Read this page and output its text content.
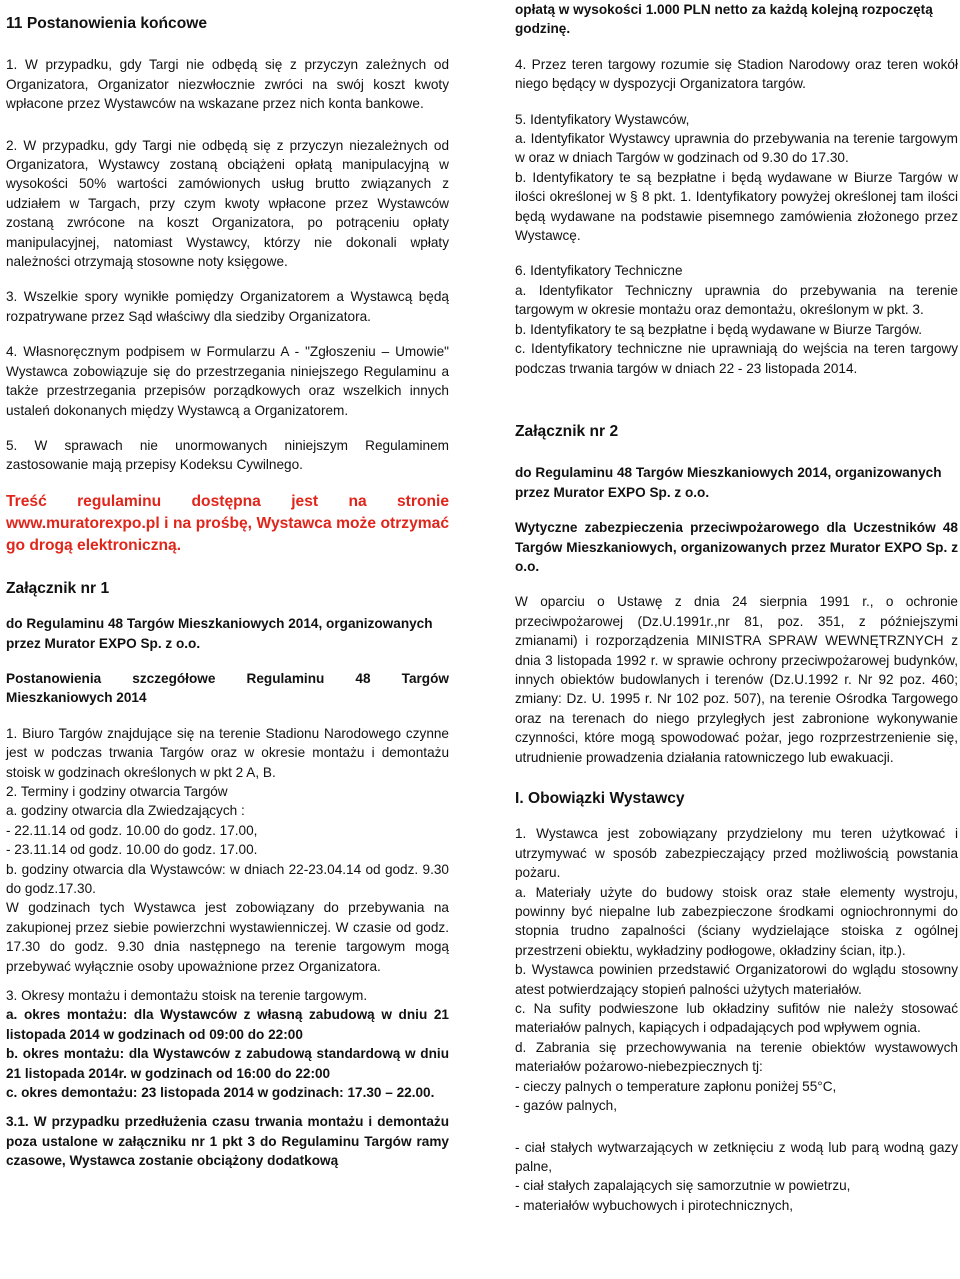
11 Postanowienia końcowe

1. W przypadku, gdy Targi nie odbędą się z przyczyn zależnych od Organizatora, Organizator niezwłocznie zwróci na swój koszt kwoty wpłacone przez Wystawców na wskazane przez nich konta bankowe.

2. W przypadku, gdy Targi nie odbędą się z przyczyn niezależnych od Organizatora, Wystawcy zostaną obciążeni opłatą manipulacyjną w wysokości 50% wartości zamówionych usług brutto związanych z udziałem w Targach, przy czym kwoty wpłacone przez Wystawców zostaną zwrócone na koszt Organizatora, po potrąceniu opłaty manipulacyjnej, natomiast Wystawcy, którzy nie dokonali wpłaty należności otrzymają stosowne noty księgowe.

3. Wszelkie spory wynikłe pomiędzy Organizatorem a Wystawcą będą rozpatrywane przez Sąd właściwy dla siedziby Organizatora.

4. Własnoręcznym podpisem w Formularzu A - "Zgłoszeniu – Umowie" Wystawca zobowiązuje się do przestrzegania niniejszego Regulaminu a także przestrzegania przepisów porządkowych oraz wszelkich innych ustaleń dokonanych między Wystawcą a Organizatorem.

5. W sprawach nie unormowanych niniejszym Regulaminem zastosowanie mają przepisy Kodeksu Cywilnego.

Treść regulaminu dostępna jest na stronie www.muratorexpo.pl i na prośbę, Wystawca może otrzymać go drogą elektroniczną.

Załącznik nr 1

do Regulaminu 48 Targów Mieszkaniowych 2014, organizowanych przez Murator EXPO Sp. z o.o.

Postanowienia szczegółowe Regulaminu 48 Targów Mieszkaniowych 2014

1. Biuro Targów znajdujące się na terenie Stadionu Narodowego czynne jest w podczas trwania Targów oraz w okresie montażu i demontażu stoisk w godzinach określonych w pkt 2 A, B.

2. Terminy i godziny otwarcia Targów

a. godziny otwarcia dla Zwiedzających :

- 22.11.14 od godz. 10.00 do godz. 17.00,

- 23.11.14 od godz. 10.00 do godz. 17.00.

b. godziny otwarcia dla Wystawców: w dniach 22-23.04.14 od godz. 9.30 do godz.17.30.

W godzinach tych Wystawca jest zobowiązany do przebywania na zakupionej przez siebie powierzchni wystawienniczej. W czasie od godz. 17.30 do godz. 9.30 dnia następnego na terenie targowym mogą przebywać wyłącznie osoby upoważnione przez Organizatora.

3. Okresy montażu i demontażu stoisk na terenie targowym.

a. okres montażu: dla Wystawców z własną zabudową w dniu 21 listopada 2014 w godzinach od 09:00 do 22:00

b. okres montażu: dla Wystawców z zabudową standardową w dniu 21 listopada 2014r. w godzinach od 16:00 do 22:00

c. okres demontażu: 23 listopada 2014 w godzinach: 17.30 – 22.00.

3.1. W przypadku przedłużenia czasu trwania montażu i demontażu poza ustalone w załączniku nr 1 pkt 3 do Regulaminu Targów ramy czasowe, Wystawca zostanie obciążony dodatkową

opłatą w wysokości 1.000 PLN netto za każdą kolejną rozpoczętą godzinę.

4. Przez teren targowy rozumie się Stadion Narodowy oraz teren wokół niego będący w dyspozycji Organizatora targów.

5. Identyfikatory Wystawców,

a. Identyfikator Wystawcy uprawnia do przebywania na terenie targowym w oraz w dniach Targów w godzinach od 9.30 do 17.30.

b. Identyfikatory te są bezpłatne i będą wydawane w Biurze Targów w ilości określonej w § 8 pkt. 1. Identyfikatory powyżej określonej tam ilości będą wydawane na podstawie pisemnego zamówienia złożonego przez Wystawcę.

6. Identyfikatory Techniczne

a. Identyfikator Techniczny uprawnia do przebywania na terenie targowym w okresie montażu oraz demontażu, określonym w pkt. 3.

b. Identyfikatory te są bezpłatne i będą wydawane w Biurze Targów.

c. Identyfikatory techniczne nie uprawniają do wejścia na teren targowy podczas trwania targów w dniach 22 - 23 listopada 2014.

Załącznik nr 2

do Regulaminu 48 Targów Mieszkaniowych 2014, organizowanych przez Murator EXPO Sp. z o.o.

Wytyczne zabezpieczenia przeciwpożarowego dla Uczestników 48 Targów Mieszkaniowych, organizowanych przez Murator EXPO Sp. z o.o.

W oparciu o Ustawę z dnia 24 sierpnia 1991 r., o ochronie przeciwpożarowej (Dz.U.1991r.,nr 81, poz. 351, z późniejszymi zmianami) i rozporządzenia MINISTRA SPRAW WEWNĘTRZNYCH z dnia 3 listopada 1992 r. w sprawie ochrony przeciwpożarowej budynków, innych obiektów budowlanych i terenów (Dz.U.1992 r. Nr 92 poz. 460; zmiany: Dz. U. 1995 r. Nr 102 poz. 507), na terenie Ośrodka Targowego oraz na terenach do niego przyległych jest zabronione wykonywanie czynności, które mogą spowodować pożar, jego rozprzestrzenienie się, utrudnienie prowadzenia działania ratowniczego lub ewakuacji.

I. Obowiązki Wystawcy

1. Wystawca jest zobowiązany przydzielony mu teren użytkować i utrzymywać w sposób zabezpieczający przed możliwością powstania pożaru.

a. Materiały użyte do budowy stoisk oraz stałe elementy wystroju, powinny być niepalne lub zabezpieczone środkami ogniochronnymi do stopnia trudno zapalności (ściany wydzielające stoiska z ogólnej przestrzeni obiektu, wykładziny podłogowe, okładziny ścian, itp.).

b. Wystawca powinien przedstawić Organizatorowi do wglądu stosowny atest potwierdzający stopień palności użytych materiałów.

c. Na sufity podwieszone lub okładziny sufitów nie należy stosować materiałów palnych, kapiących i odpadających pod wpływem ognia.

d. Zabrania się przechowywania na terenie obiektów wystawowych materiałów pożarowo-niebezpiecznych tj:

- cieczy palnych o temperature zapłonu poniżej 55°C,

- gazów palnych,

- ciał stałych wytwarzających w zetknięciu z wodą lub parą wodną gazy palne,

- ciał stałych zapalających się samorzutnie w powietrzu,

- materiałów wybuchowych i pirotechnicznych,
